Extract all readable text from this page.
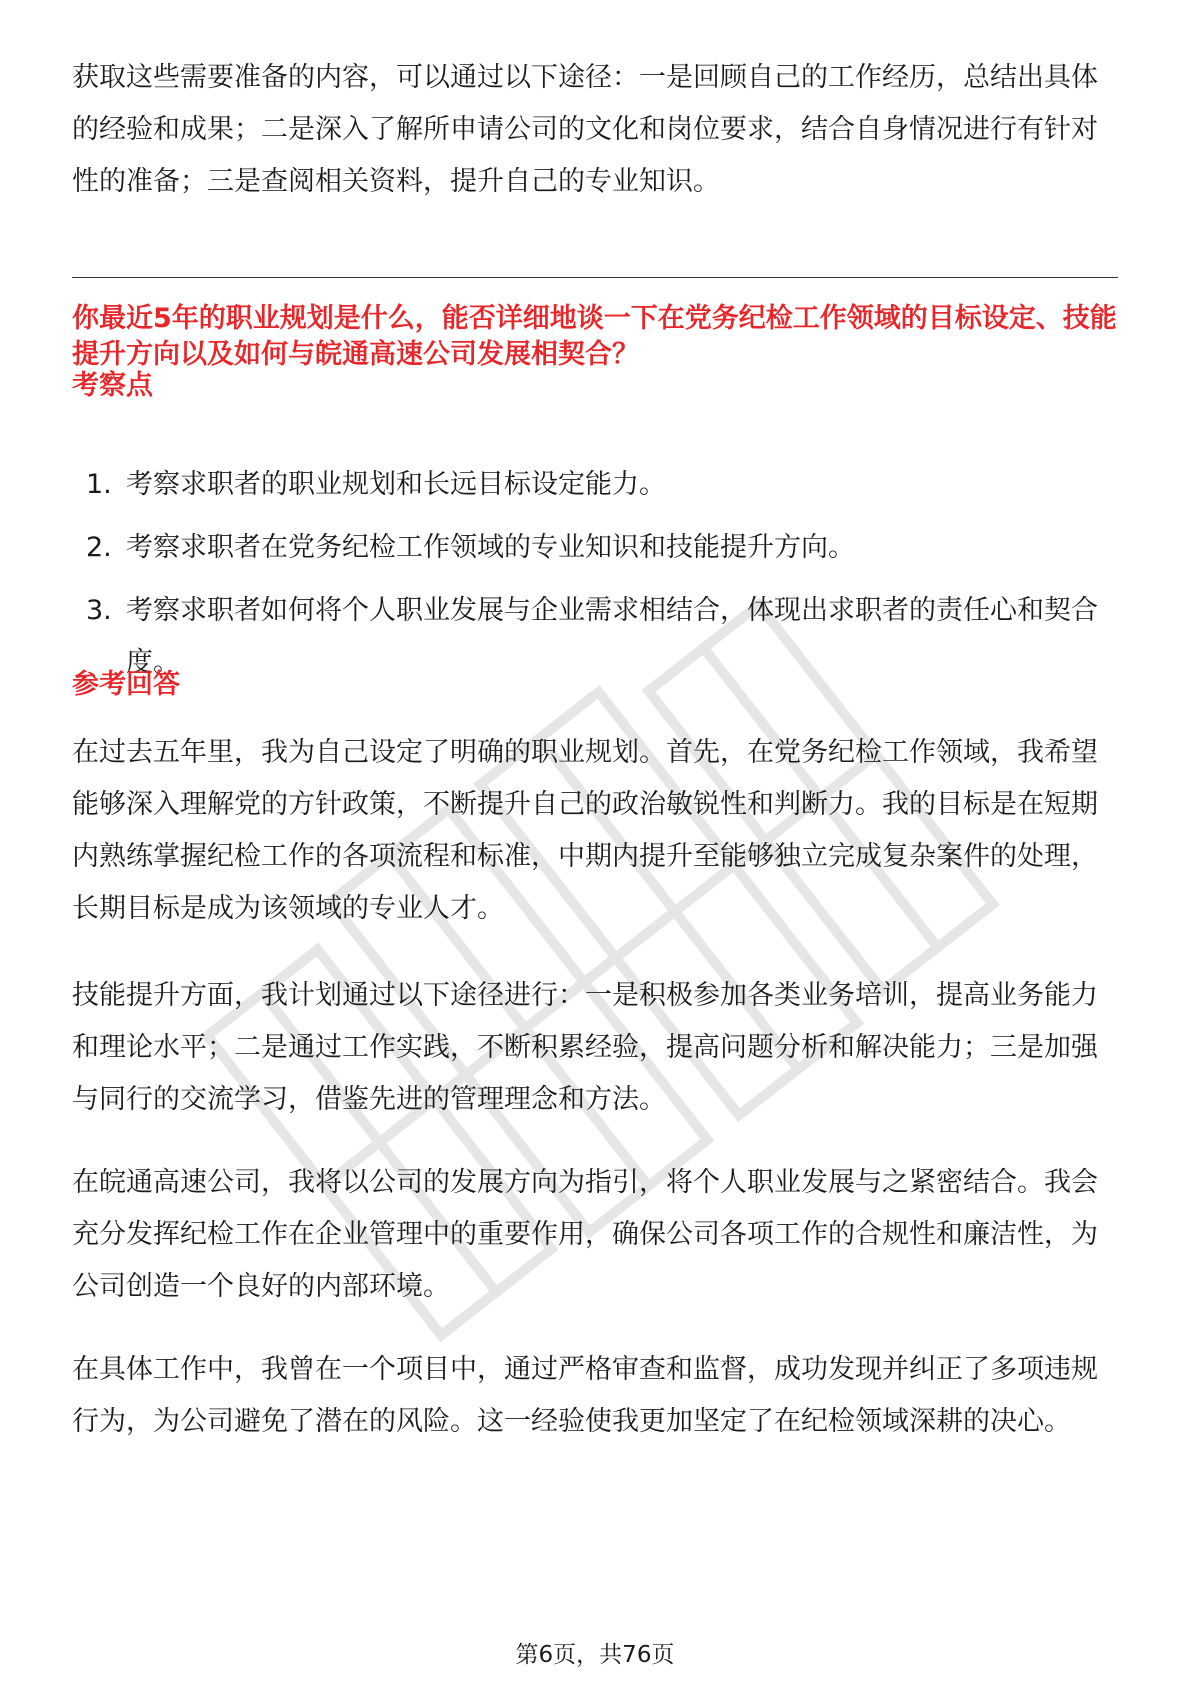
获取这些需要准备的内容，可以通过以下途径：一是回顾自己的工作经历，总结出具体的经验和成果；二是深入了解所申请公司的文化和岗位要求，结合自身情况进行有针对性的准备；三是查阅相关资料，提升自己的专业知识。

你最近5年的职业规划是什么，能否详细地谈一下在党务纪检工作领域的目标设定、技能提升方向以及如何与皖通高速公司发展相契合？
考察点
1. 考察求职者的职业规划和长远目标设定能力。
2. 考察求职者在党务纪检工作领域的专业知识和技能提升方向。
3. 考察求职者如何将个人职业发展与企业需求相结合，体现出求职者的责任心和契合度。
参考回答

在过去五年里，我为自己设定了明确的职业规划。首先，在党务纪检工作领域，我希望能够深入理解党的方针政策，不断提升自己的政治敏锐性和判断力。我的目标是在短期内熟练掌握纪检工作的各项流程和标准，中期内提升至能够独立完成复杂案件的处理，长期目标是成为该领域的专业人才。

技能提升方面，我计划通过以下途径进行：一是积极参加各类业务培训，提高业务能力和理论水平；二是通过工作实践，不断积累经验，提高问题分析和解决能力；三是加强与同行的交流学习，借鉴先进的管理理念和方法。

在皖通高速公司，我将以公司的发展方向为指引，将个人职业发展与之紧密结合。我会充分发挥纪检工作在企业管理中的重要作用，确保公司各项工作的合规性和廉洁性，为公司创造一个良好的内部环境。

在具体工作中，我曾在一个项目中，通过严格审查和监督，成功发现并纠正了多项违规行为，为公司避免了潜在的风险。这一经验使我更加坚定了在纪检领域深耕的决心。

第6页，共76页
